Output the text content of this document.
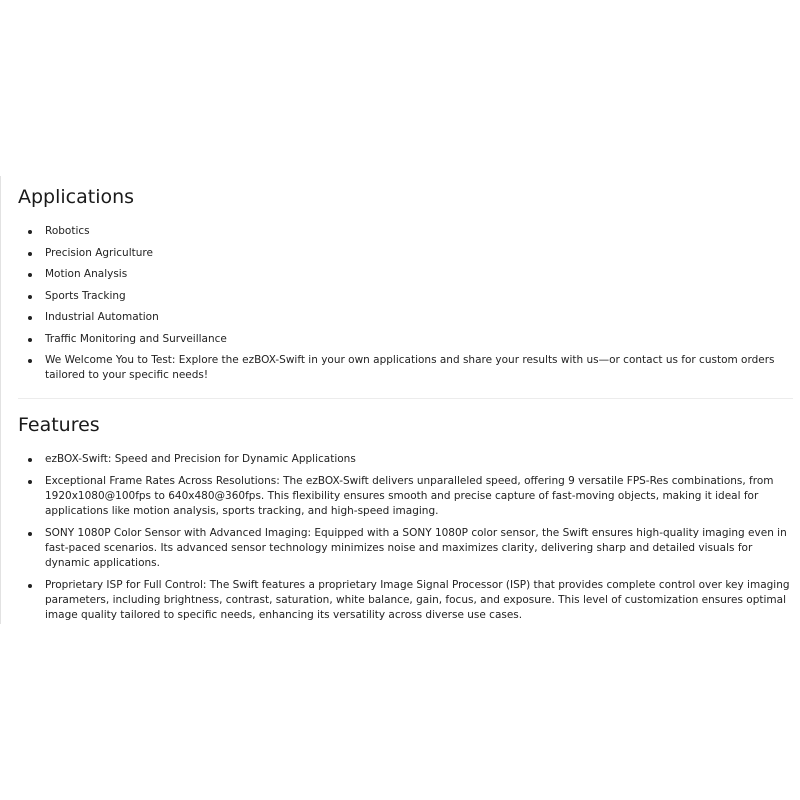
Applications
Robotics
Precision Agriculture
Motion Analysis
Sports Tracking
Industrial Automation
Traffic Monitoring and Surveillance
We Welcome You to Test: Explore the ezBOX-Swift in your own applications and share your results with us—or contact us for custom orders tailored to your specific needs!
Features
ezBOX-Swift: Speed and Precision for Dynamic Applications
Exceptional Frame Rates Across Resolutions: The ezBOX-Swift delivers unparalleled speed, offering 9 versatile FPS-Res combinations, from 1920x1080@100fps to 640x480@360fps. This flexibility ensures smooth and precise capture of fast-moving objects, making it ideal for applications like motion analysis, sports tracking, and high-speed imaging.
SONY 1080P Color Sensor with Advanced Imaging: Equipped with a SONY 1080P color sensor, the Swift ensures high-quality imaging even in fast-paced scenarios. Its advanced sensor technology minimizes noise and maximizes clarity, delivering sharp and detailed visuals for dynamic applications.
Proprietary ISP for Full Control: The Swift features a proprietary Image Signal Processor (ISP) that provides complete control over key imaging parameters, including brightness, contrast, saturation, white balance, gain, focus, and exposure. This level of customization ensures optimal image quality tailored to specific needs, enhancing its versatility across diverse use cases.
